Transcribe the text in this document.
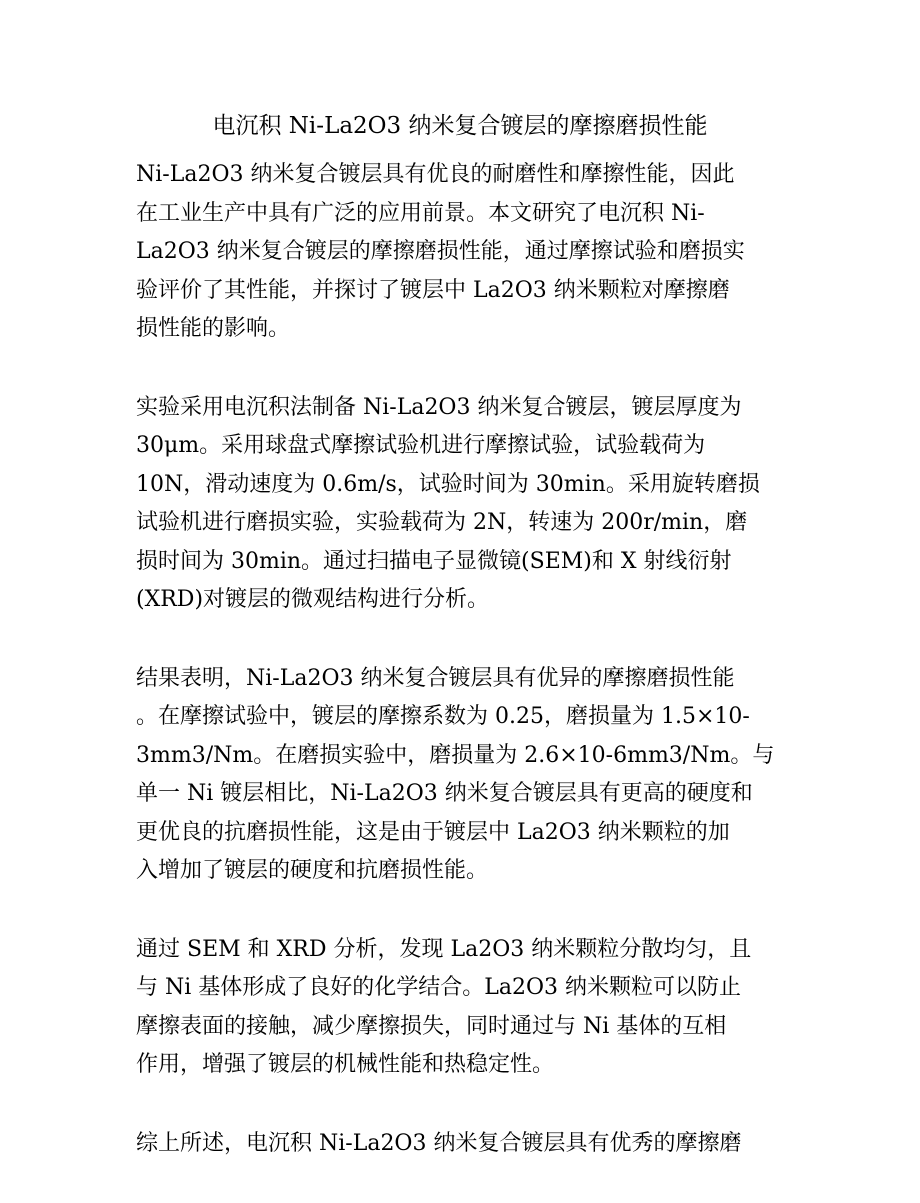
电沉积 Ni-La2O3 纳米复合镀层的摩擦磨损性能

Ni-La2O3 纳米复合镀层具有优良的耐磨性和摩擦性能，因此
在工业生产中具有广泛的应用前景。本文研究了电沉积 Ni-
La2O3 纳米复合镀层的摩擦磨损性能，通过摩擦试验和磨损实
验评价了其性能，并探讨了镀层中 La2O3 纳米颗粒对摩擦磨
损性能的影响。

实验采用电沉积法制备 Ni-La2O3 纳米复合镀层，镀层厚度为
30μm。采用球盘式摩擦试验机进行摩擦试验，试验载荷为
10N，滑动速度为 0.6m/s，试验时间为 30min。采用旋转磨损
试验机进行磨损实验，实验载荷为 2N，转速为 200r/min，磨
损时间为 30min。通过扫描电子显微镜(SEM)和 X 射线衍射
(XRD)对镀层的微观结构进行分析。

结果表明，Ni-La2O3 纳米复合镀层具有优异的摩擦磨损性能
。在摩擦试验中，镀层的摩擦系数为 0.25，磨损量为 1.5×10-
3mm3/Nm。在磨损实验中，磨损量为 2.6×10-6mm3/Nm。与
单一 Ni 镀层相比，Ni-La2O3 纳米复合镀层具有更高的硬度和
更优良的抗磨损性能，这是由于镀层中 La2O3 纳米颗粒的加
入增加了镀层的硬度和抗磨损性能。

通过 SEM 和 XRD 分析，发现 La2O3 纳米颗粒分散均匀，且
与 Ni 基体形成了良好的化学结合。La2O3 纳米颗粒可以防止
摩擦表面的接触，减少摩擦损失，同时通过与 Ni 基体的互相
作用，增强了镀层的机械性能和热稳定性。

综上所述，电沉积 Ni-La2O3 纳米复合镀层具有优秀的摩擦磨
